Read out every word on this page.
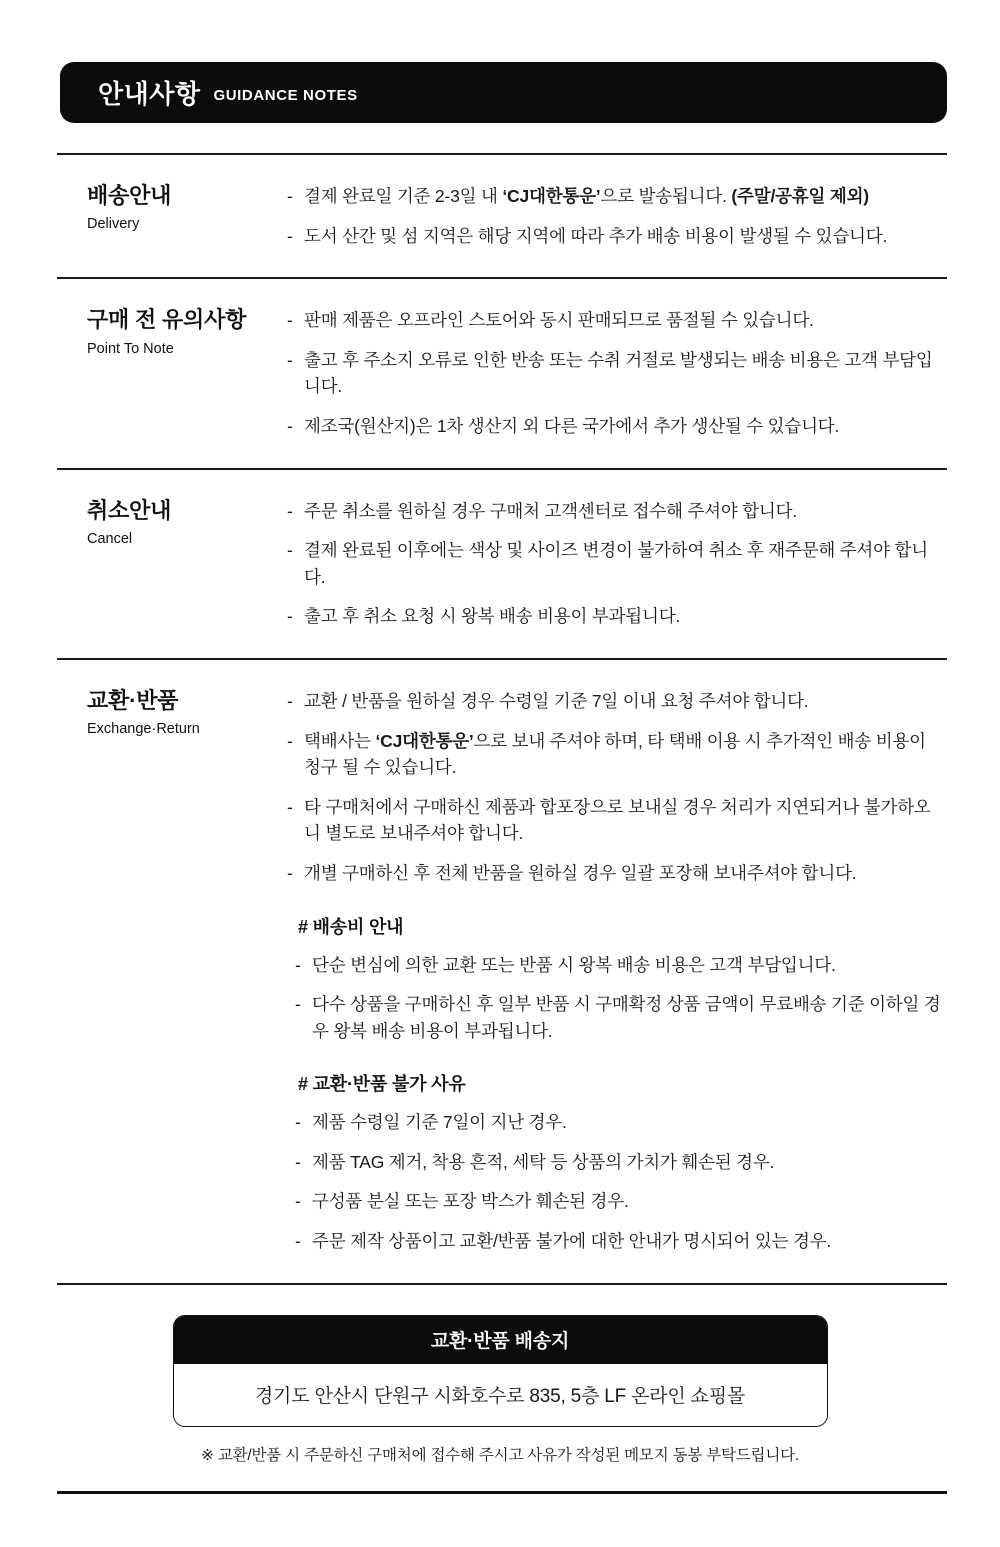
안내사항 GUIDANCE NOTES
배송안내
Delivery
- 결제 완료일 기준 2-3일 내 ‘CJ대한통운’으로 발송됩니다. (주말/공휴일 제외)
- 도서 산간 및 섬 지역은 해당 지역에 따라 추가 배송 비용이 발생될 수 있습니다.
구매 전 유의사항
Point To Note
- 판매 제품은 오프라인 스토어와 동시 판매되므로 품절될 수 있습니다.
- 출고 후 주소지 오류로 인한 반송 또는 수취 거절로 발생되는 배송 비용은 고객 부담입니다.
- 제조국(원산지)은 1차 생산지 외 다른 국가에서 추가 생산될 수 있습니다.
취소안내
Cancel
- 주문 취소를 원하실 경우 구매처 고객센터로 접수해 주셔야 합니다.
- 결제 완료된 이후에는 색상 및 사이즈 변경이 불가하여 취소 후 재주문해 주셔야 합니다.
- 출고 후 취소 요청 시 왕복 배송 비용이 부과됩니다.
교환·반품
Exchange·Return
- 교환 / 반품을 원하실 경우 수령일 기준 7일 이내 요청 주셔야 합니다.
- 택배사는 ‘CJ대한통운’으로 보내 주셔야 하며, 타 택배 이용 시 추가적인 배송 비용이 청구 될 수 있습니다.
- 타 구매처에서 구매하신 제품과 합포장으로 보내실 경우 처리가 지연되거나 불가하오니 별도로 보내주셔야 합니다.
- 개별 구매하신 후 전체 반품을 원하실 경우 일괄 포장해 보내주셔야 합니다.
# 배송비 안내
- 단순 변심에 의한 교환 또는 반품 시 왕복 배송 비용은 고객 부담입니다.
- 다수 상품을 구매하신 후 일부 반품 시 구매확정 상품 금액이 무료배송 기준 이하일 경우 왕복 배송 비용이 부과됩니다.
# 교환·반품 불가 사유
- 제품 수령일 기준 7일이 지난 경우.
- 제품 TAG 제거, 착용 흔적, 세탁 등 상품의 가치가 훼손된 경우.
- 구성품 분실 또는 포장 박스가 훼손된 경우.
- 주문 제작 상품이고 교환/반품 불가에 대한 안내가 명시되어 있는 경우.
교환·반품 배송지
경기도 안산시 단원구 시화호수로 835, 5층 LF 온라인 쇼핑몰
※ 교환/반품 시 주문하신 구매처에 접수해 주시고 사유가 작성된 메모지 동봉 부탁드립니다.
